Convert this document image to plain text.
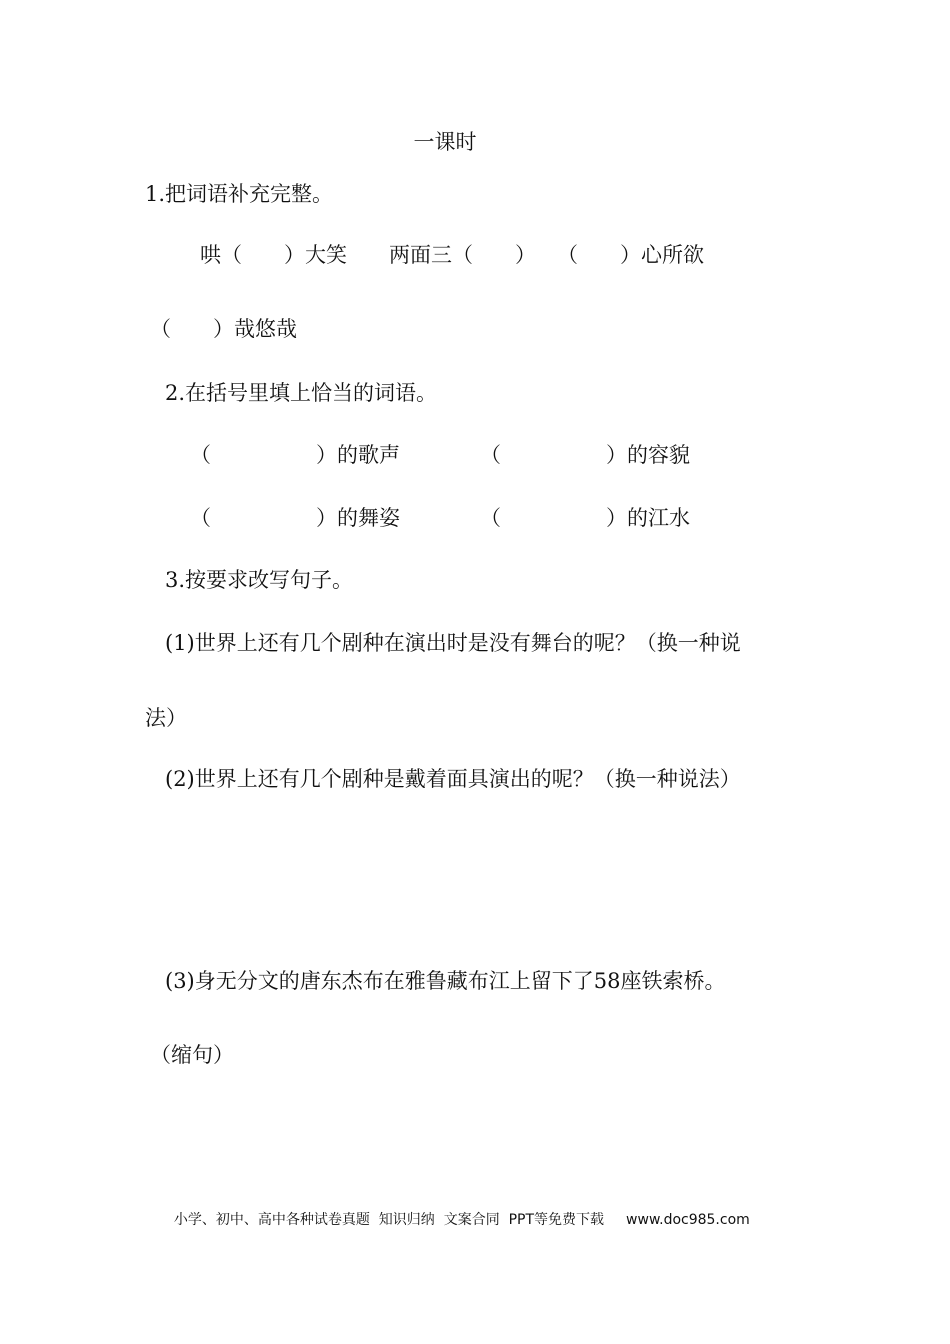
一课时
1.把词语补充完整。
哄（　　）大笑　　两面三（　　）　　（　　）心所欲
（　　）哉悠哉
2.在括号里填上恰当的词语。
（　　　　　）的歌声	（　　　　　）的容貌
（　　　　　）的舞姿	（　　　　　）的江水
3.按要求改写句子。
(1)世界上还有几个剧种在演出时是没有舞台的呢？（换一种说
法）
(2)世界上还有几个剧种是戴着面具演出的呢？（换一种说法）
(3)身无分文的唐东杰布在雅鲁藏布江上留下了58座铁索桥。
（缩句）

小学、初中、高中各种试卷真题  知识归纳  文案合同  PPT等免费下载 www.doc985.com
